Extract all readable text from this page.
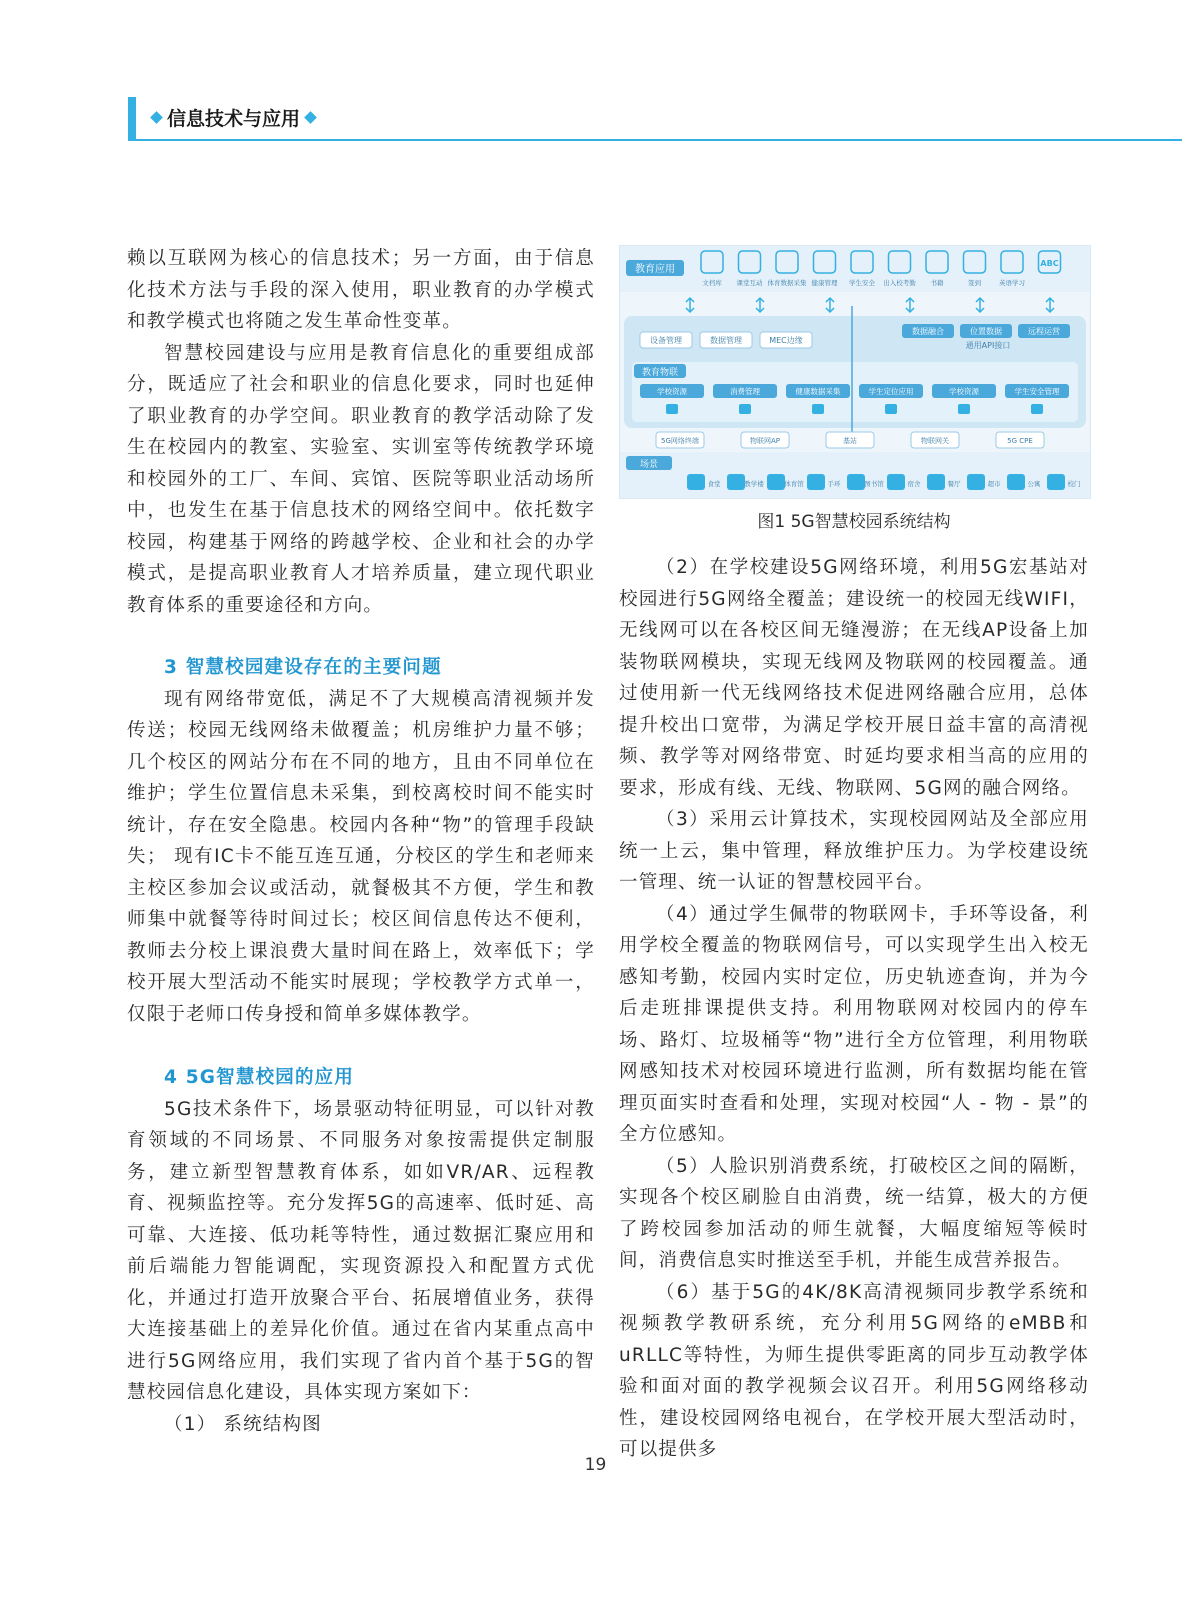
信息技术与应用

赖以互联网为核心的信息技术；另一方面，由于信息化技术方法与手段的深入使用，职业教育的办学模式和教学模式也将随之发生革命性变革。

智慧校园建设与应用是教育信息化的重要组成部分，既适应了社会和职业的信息化要求，同时也延伸了职业教育的办学空间。职业教育的教学活动除了发生在校园内的教室、实验室、实训室等传统教学环境和校园外的工厂、车间、宾馆、医院等职业活动场所中，也发生在基于信息技术的网络空间中。依托数字校园，构建基于网络的跨越学校、企业和社会的办学模式，是提高职业教育人才培养质量，建立现代职业教育体系的重要途径和方向。

3 智慧校园建设存在的主要问题

现有网络带宽低，满足不了大规模高清视频并发传送；校园无线网络未做覆盖；机房维护力量不够；几个校区的网站分布在不同的地方，且由不同单位在维护；学生位置信息未采集，到校离校时间不能实时统计，存在安全隐患。校园内各种“物”的管理手段缺失； 现有IC卡不能互连互通，分校区的学生和老师来主校区参加会议或活动，就餐极其不方便，学生和教师集中就餐等待时间过长；校区间信息传达不便利，教师去分校上课浪费大量时间在路上，效率低下；学校开展大型活动不能实时展现；学校教学方式单一，仅限于老师口传身授和简单多媒体教学。

4 5G智慧校园的应用

5G技术条件下，场景驱动特征明显，可以针对教育领域的不同场景、不同服务对象按需提供定制服务，建立新型智慧教育体系，如如VR/AR、远程教育、视频监控等。充分发挥5G的高速率、低时延、高可靠、大连接、低功耗等特性，通过数据汇聚应用和前后端能力智能调配，实现资源投入和配置方式优化，并通过打造开放聚合平台、拓展增值业务，获得大连接基础上的差异化价值。通过在省内某重点高中进行5G网络应用，我们实现了省内首个基于5G的智慧校园信息化建设，具体实现方案如下：

（1） 系统结构图

教育应用
文档库 课堂互动 体育数据采集 健康管理 学生安全 出入校考勤 书籍	签到	英语学习
ABC
设备管理	数据管理	MEC边缘
数据融合	位置数据	远程运营
通用API接口
教育物联
学校资源	消费管理	健康数据采集	学生定位应用	学校资源	学生安全管理
5G网络终端	物联网AP	基站	物联网关	5G CPE
场景
食堂	教学楼	体育馆	手环	图书馆	宿舍	餐厅	超市	公寓	校门
图1 5G智慧校园系统结构

（2）在学校建设5G网络环境，利用5G宏基站对校园进行5G网络全覆盖；建设统一的校园无线WIFI，无线网可以在各校区间无缝漫游；在无线AP设备上加装物联网模块，实现无线网及物联网的校园覆盖。通过使用新一代无线网络技术促进网络融合应用，总体提升校出口宽带，为满足学校开展日益丰富的高清视频、教学等对网络带宽、时延均要求相当高的应用的要求，形成有线、无线、物联网、5G网的融合网络。

（3）采用云计算技术，实现校园网站及全部应用统一上云，集中管理，释放维护压力。为学校建设统一管理、统一认证的智慧校园平台。

（4）通过学生佩带的物联网卡，手环等设备，利用学校全覆盖的物联网信号，可以实现学生出入校无感知考勤，校园内实时定位，历史轨迹查询，并为今后走班排课提供支持。利用物联网对校园内的停车场、路灯、垃圾桶等“物”进行全方位管理，利用物联网感知技术对校园环境进行监测，所有数据均能在管理页面实时查看和处理，实现对校园“人 - 物 - 景”的全方位感知。

（5）人脸识别消费系统，打破校区之间的隔断，实现各个校区刷脸自由消费，统一结算，极大的方便了跨校园参加活动的师生就餐，大幅度缩短等候时间，消费信息实时推送至手机，并能生成营养报告。

（6）基于5G的4K/8K高清视频同步教学系统和视频教学教研系统，充分利用5G网络的eMBB和uRLLC等特性，为师生提供零距离的同步互动教学体验和面对面的教学视频会议召开。利用5G网络移动性，建设校园网络电视台，在学校开展大型活动时，可以提供多

19
